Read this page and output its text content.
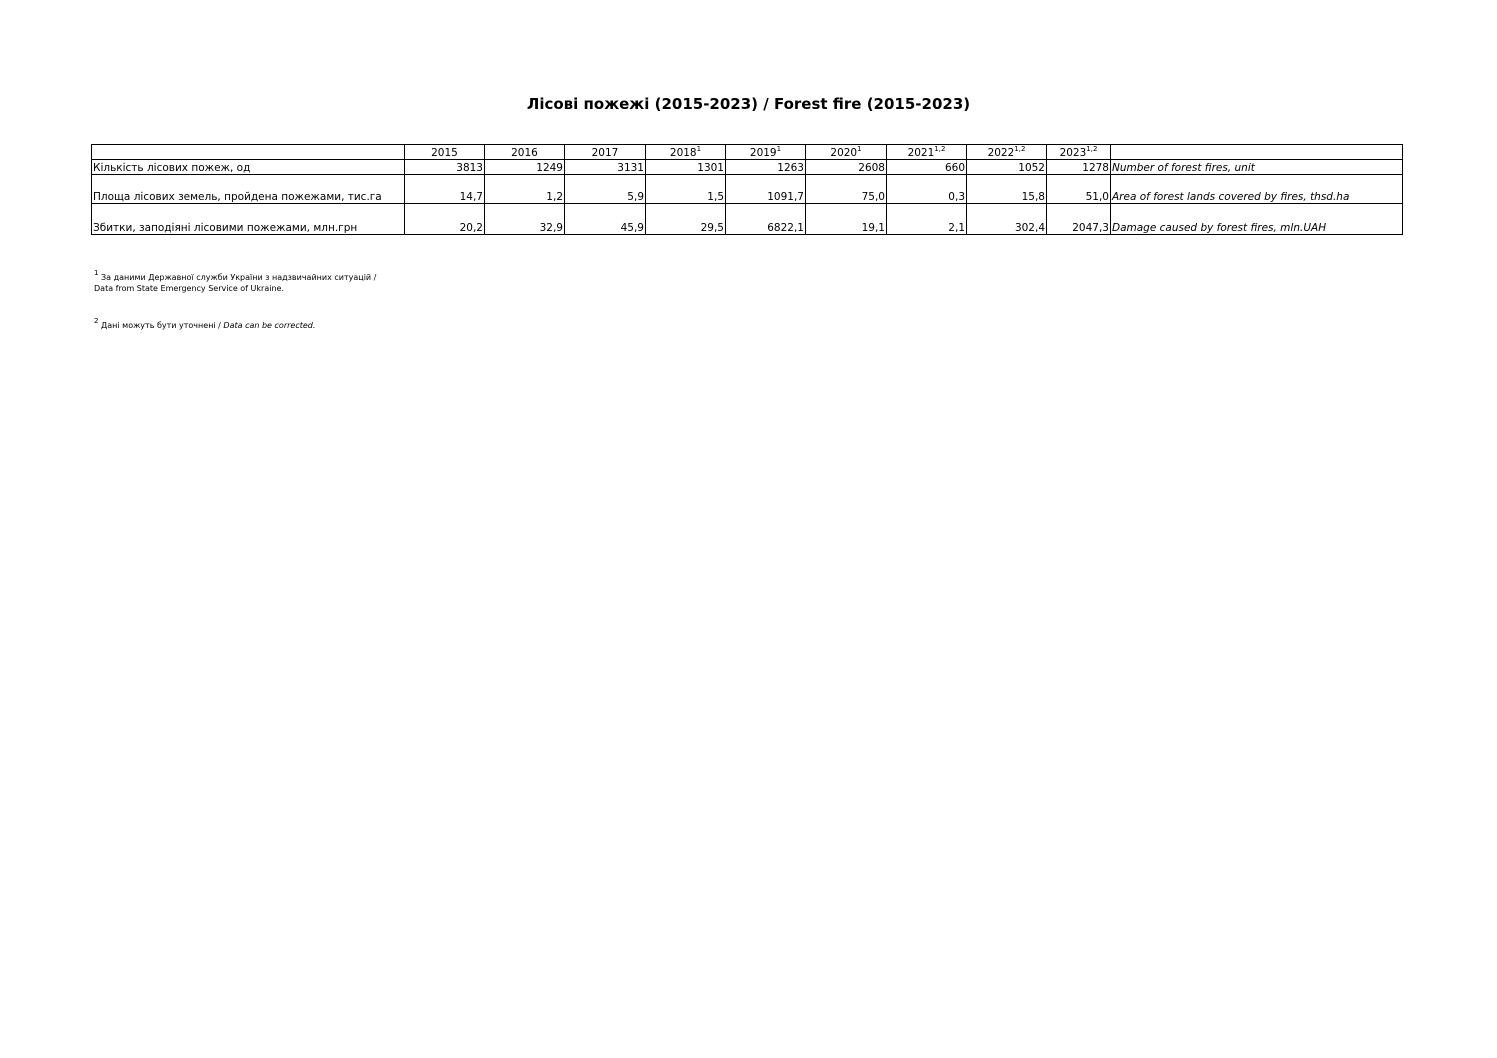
Лісові пожежі (2015-2023) / Forest fire (2015-2023)
	2015	2016	2017	2018$^1$	2019$^1$	2020$^1$	2021$^{1,2}$	2022$^{1,2}$	2023$^{1,2}$	
Кількість лісових пожеж, од	3813	1249	3131	1301	1263	2608	660	1052	1278	Number of forest fires, unit
Площа лісових земель, пройдена пожежами, тис.га	14,7	1,2	5,9	1,5	1091,7	75,0	0,3	15,8	51,0	Area of forest lands covered by fires, thsd.ha
Збитки, заподіяні лісовими пожежами, млн.грн	20,2	32,9	45,9	29,5	6822,1	19,1	2,1	302,4	2047,3	Damage caused by forest fires, mln.UAH
$^1$ За даними Державної служби України з надзвичайних ситуацій /
Data from State Emergency Service of Ukraine.
$^2$ Дані можуть бути уточнені / Data can be corrected.
